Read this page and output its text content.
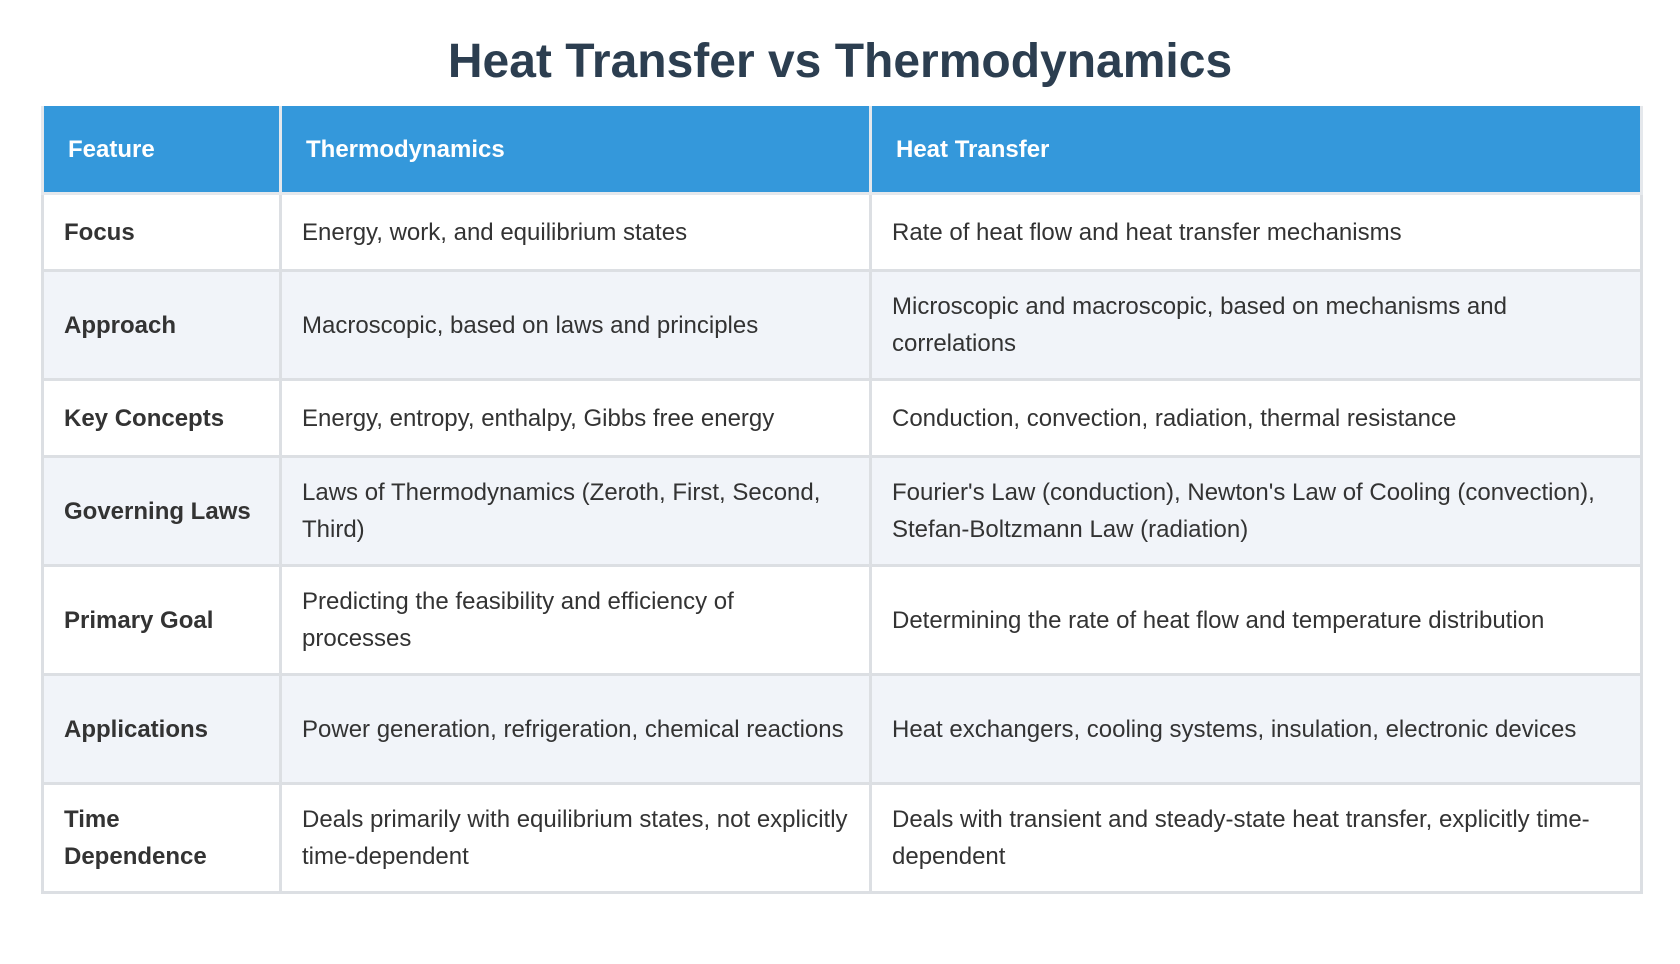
Heat Transfer vs Thermodynamics
Feature	Thermodynamics	Heat Transfer
Focus	Energy, work, and equilibrium states	Rate of heat flow and heat transfer mechanisms
Approach	Macroscopic, based on laws and principles	Microscopic and macroscopic, based on mechanisms and correlations
Key Concepts	Energy, entropy, enthalpy, Gibbs free energy	Conduction, convection, radiation, thermal resistance
Governing Laws	Laws of Thermodynamics (Zeroth, First, Second, Third)	Fourier's Law (conduction), Newton's Law of Cooling (convection), Stefan-Boltzmann Law (radiation)
Primary Goal	Predicting the feasibility and efficiency of processes	Determining the rate of heat flow and temperature distribution
Applications	Power generation, refrigeration, chemical reactions	Heat exchangers, cooling systems, insulation, electronic devices
Time Dependence	Deals primarily with equilibrium states, not explicitly time-dependent	Deals with transient and steady-state heat transfer, explicitly time-dependent
